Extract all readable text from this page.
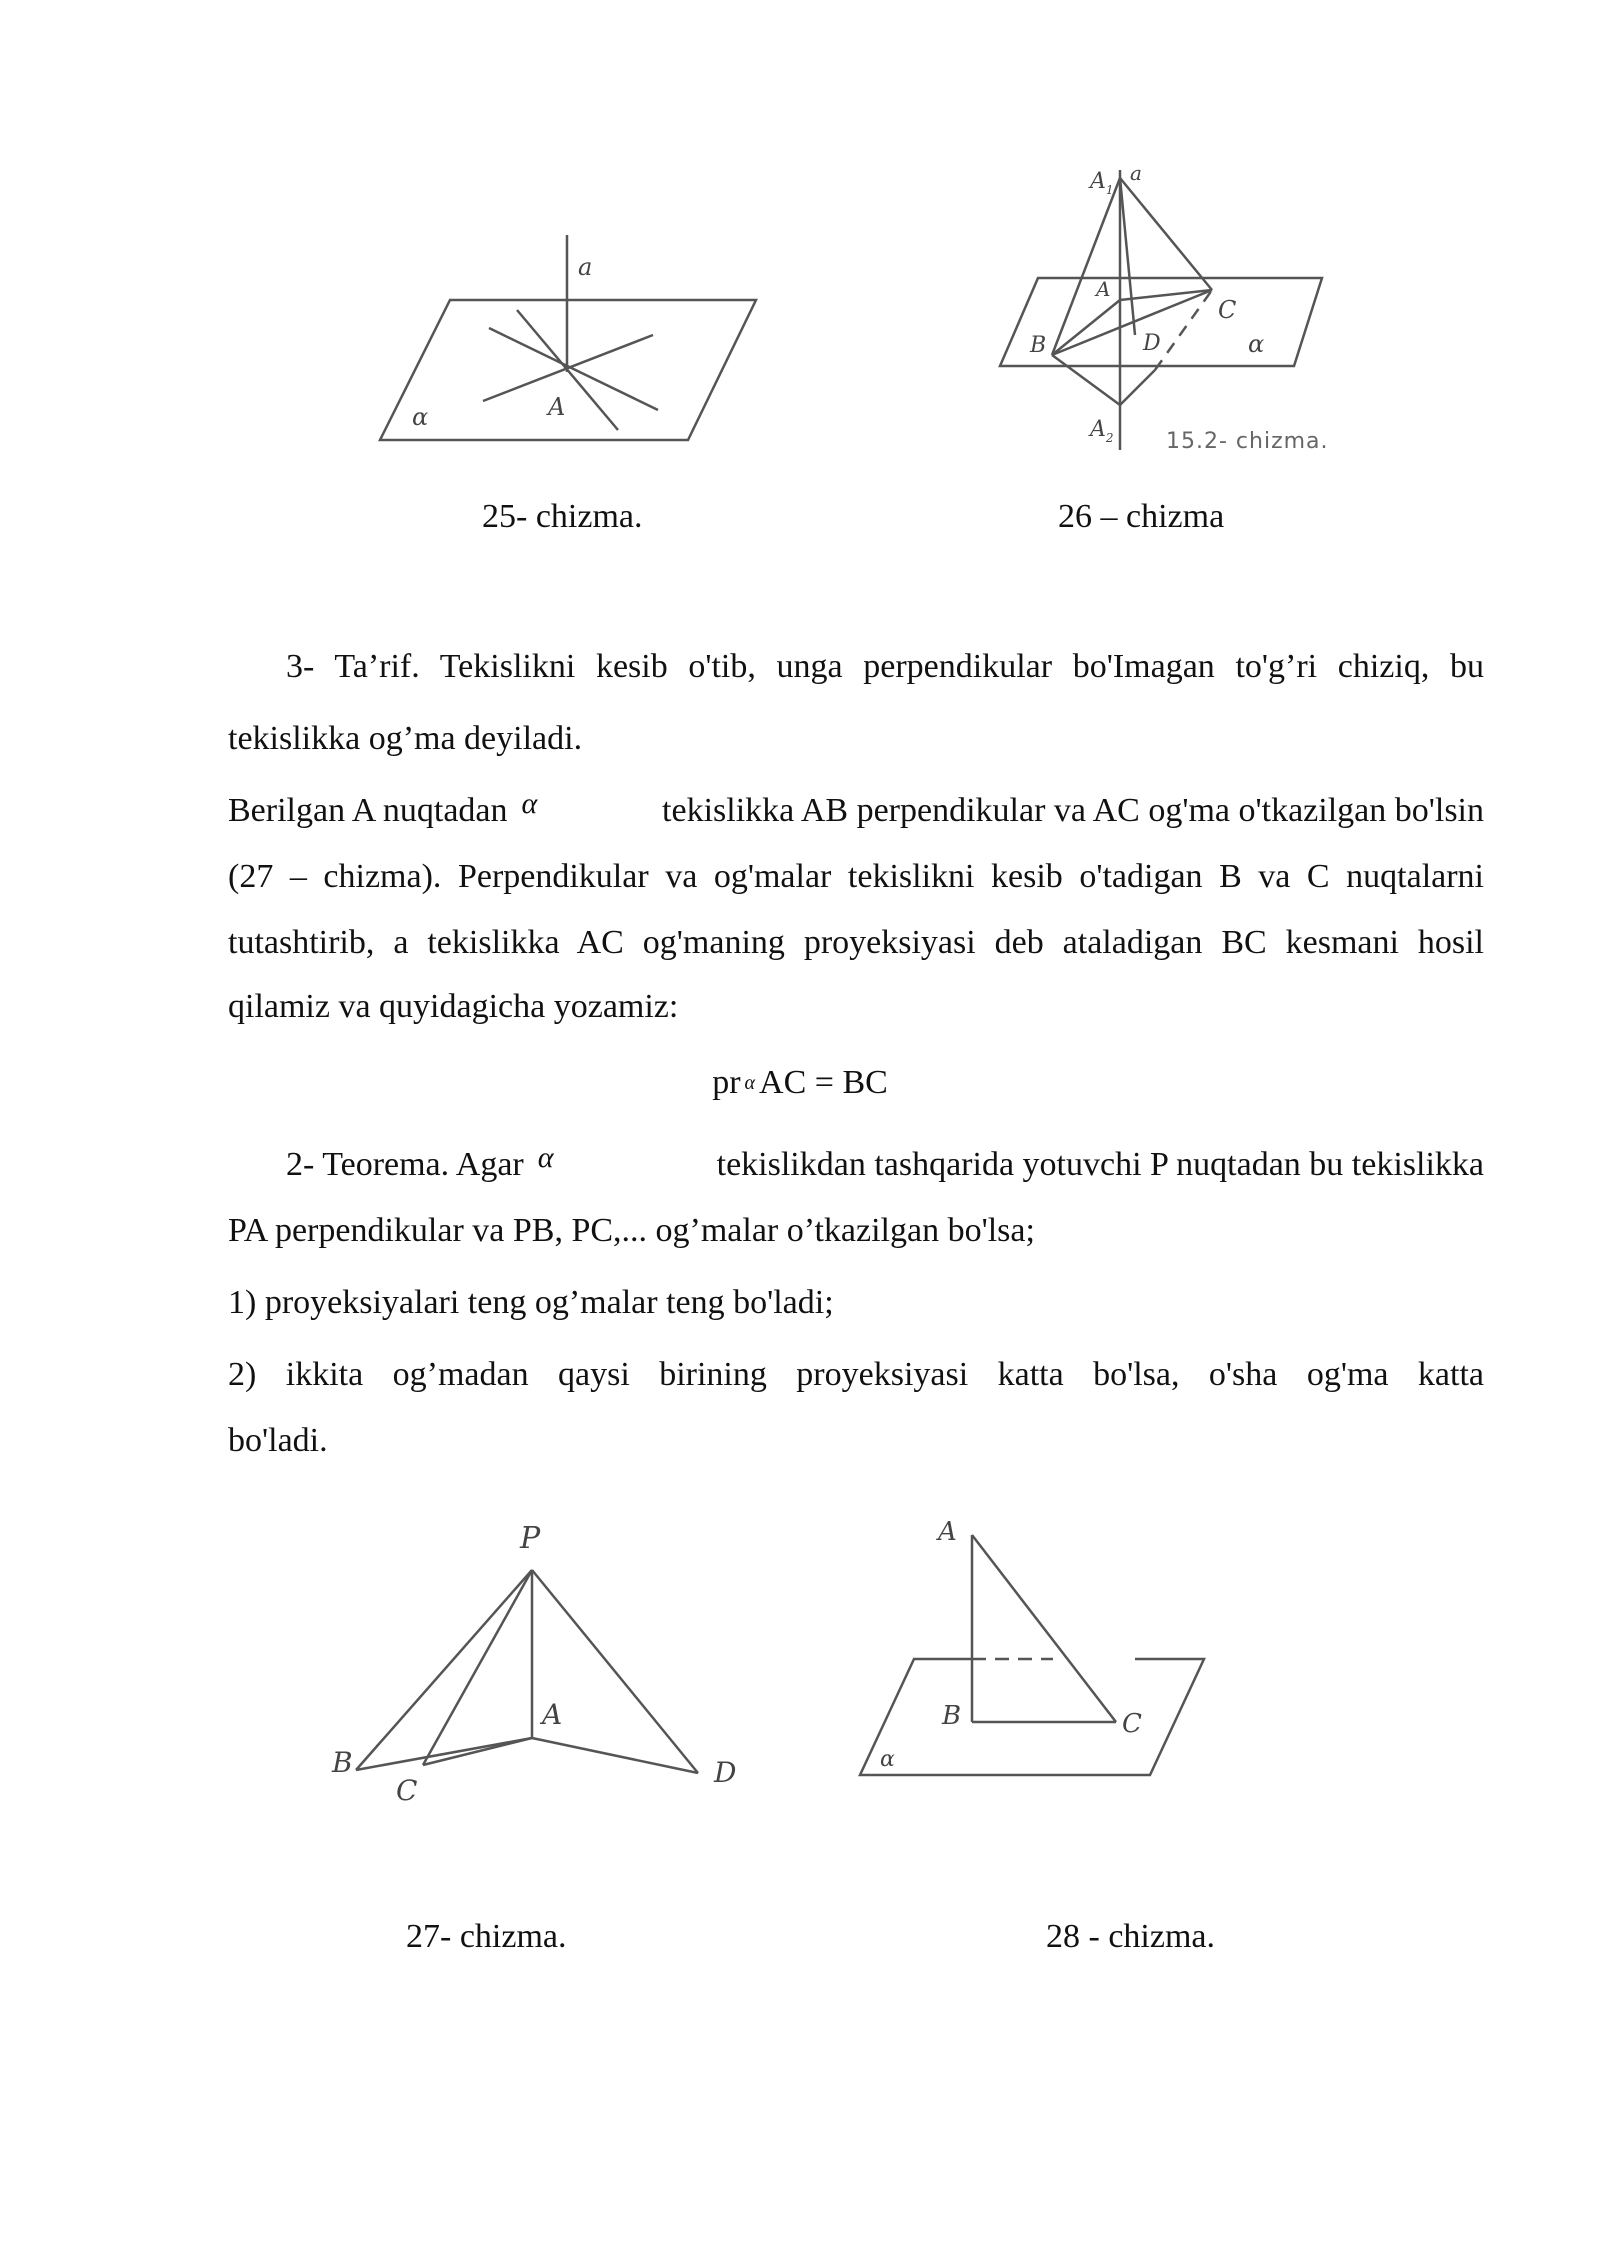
a
A
α
25- chizma.
$A_1$
a
A
C
B	D	α
$A_2$ 15.2- chizma.
26 – chizma
3- Ta’rif. Tekislikni kesib o'tib, unga perpendikular bo'Imagan to'g’ri chiziq, bu
tekislikka og’ma deyiladi.
Berilgan A nuqtadan α	tekislikka AB perpendikular va AC og'ma o'tkazilgan bo'lsin
(27 – chizma). Perpendikular va og'malar tekislikni kesib o'tadigan B va C nuqtalarni
tutashtirib, a tekislikka AC og'maning proyeksiyasi deb ataladigan BC kesmani hosil
qilamiz va quyidagicha yozamiz:
pr α AC = BC
2- Teorema. Agar α	tekislikdan tashqarida yotuvchi P nuqtadan bu tekislikka
PA perpendikular va PB, PC,... og’malar o’tkazilgan bo'lsa;
1) proyeksiyalari teng og’malar teng bo'ladi;
2) ikkita og’madan qaysi birining proyeksiyasi katta bo'lsa, o'sha og'ma katta
bo'ladi.
P
A
B
C
D
27- chizma.
A
B	C
α
28 - chizma.
